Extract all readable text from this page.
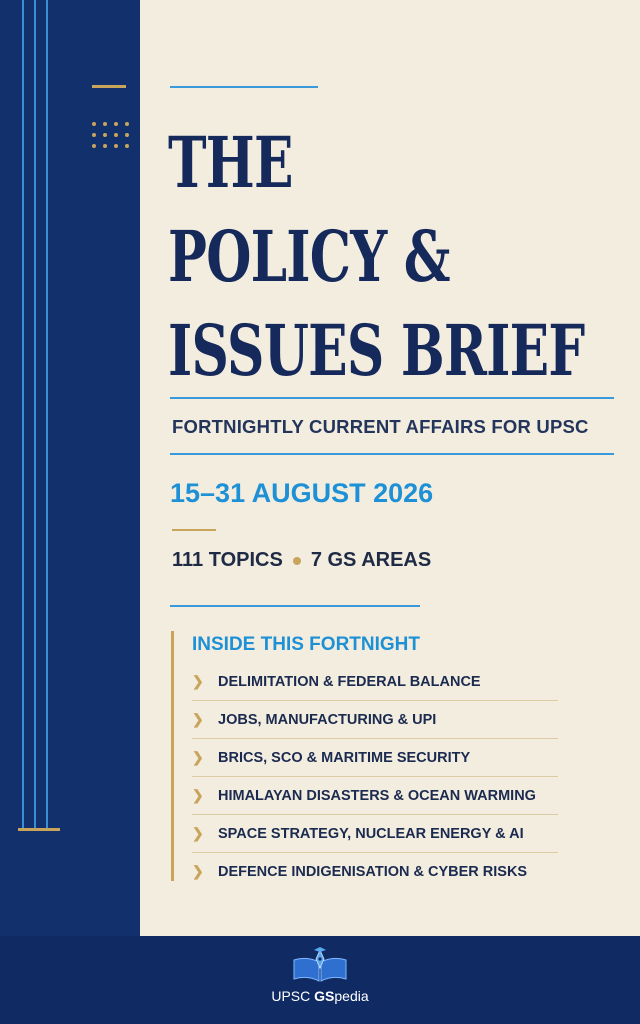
THE
POLICY &
ISSUES BRIEF
FORTNIGHTLY CURRENT AFFAIRS FOR UPSC
15–31 AUGUST 2026
111 TOPICS 7 GS AREAS
INSIDE THIS FORTNIGHT
❯ DELIMITATION & FEDERAL BALANCE
❯ JOBS, MANUFACTURING & UPI
❯ BRICS, SCO & MARITIME SECURITY
❯ HIMALAYAN DISASTERS & OCEAN WARMING
❯ SPACE STRATEGY, NUCLEAR ENERGY & AI
❯ DEFENCE INDIGENISATION & CYBER RISKS
UPSC GSpedia
